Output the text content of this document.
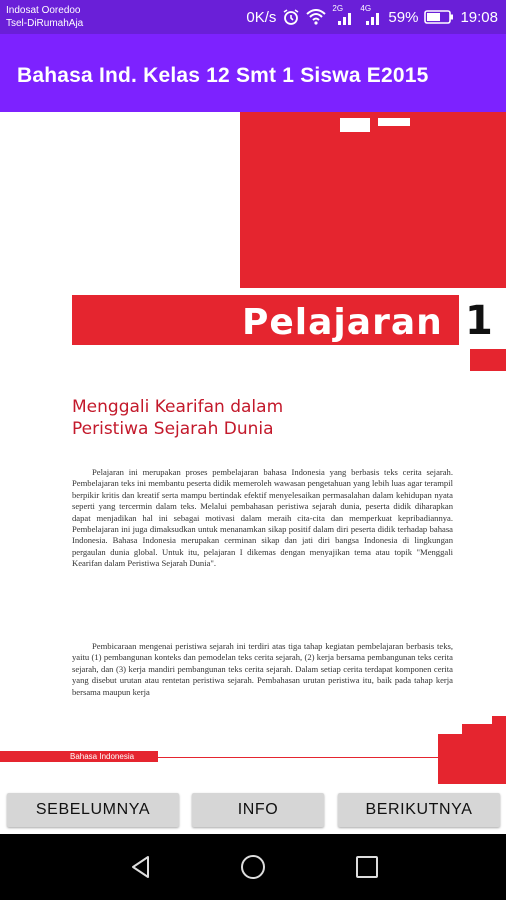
Indosat Ooredoo
Tsel-DiRumahAja	0K/s	2G 4G 59%	19:08
Bahasa Ind. Kelas 12 Smt 1 Siswa E2015
Pelajaran 1
Menggali Kearifan dalam
Peristiwa Sejarah Dunia
Pelajaran ini merupakan proses pembelajaran bahasa Indonesia yang berbasis teks cerita sejarah. Pembelajaran teks ini membantu peserta didik memeroleh wawasan pengetahuan yang lebih luas agar terampil berpikir kritis dan kreatif serta mampu bertindak efektif menyelesaikan permasalahan dalam kehidupan nyata seperti yang tercermin dalam teks. Melalui pembahasan peristiwa sejarah dunia, peserta didik diharapkan dapat menjadikan hal ini sebagai motivasi dalam meraih cita-cita dan memperkuat kepribadiannya. Pembelajaran ini juga dimaksudkan untuk menanamkan sikap positif dalam diri peserta didik terhadap bahasa Indonesia. Bahasa Indonesia merupakan cerminan sikap dan jati diri bangsa Indonesia di lingkungan pergaulan dunia global. Untuk itu, pelajaran I dikemas dengan menyajikan tema atau topik "Menggali Kearifan dalam Peristiwa Sejarah Dunia".
Pembicaraan mengenai peristiwa sejarah ini terdiri atas tiga tahap kegiatan pembelajaran berbasis teks, yaitu (1) pembangunan konteks dan pemodelan teks cerita sejarah, (2) kerja bersama pembangunan teks cerita sejarah, dan (3) kerja mandiri pembangunan teks cerita sejarah. Dalam setiap cerita terdapat komponen cerita yang disebut urutan atau rentetan peristiwa sejarah. Pembahasan urutan peristiwa itu, baik pada tahap kerja bersama maupun kerja
Bahasa Indonesia
SEBELUMNYA	INFO	BERIKUTNYA
